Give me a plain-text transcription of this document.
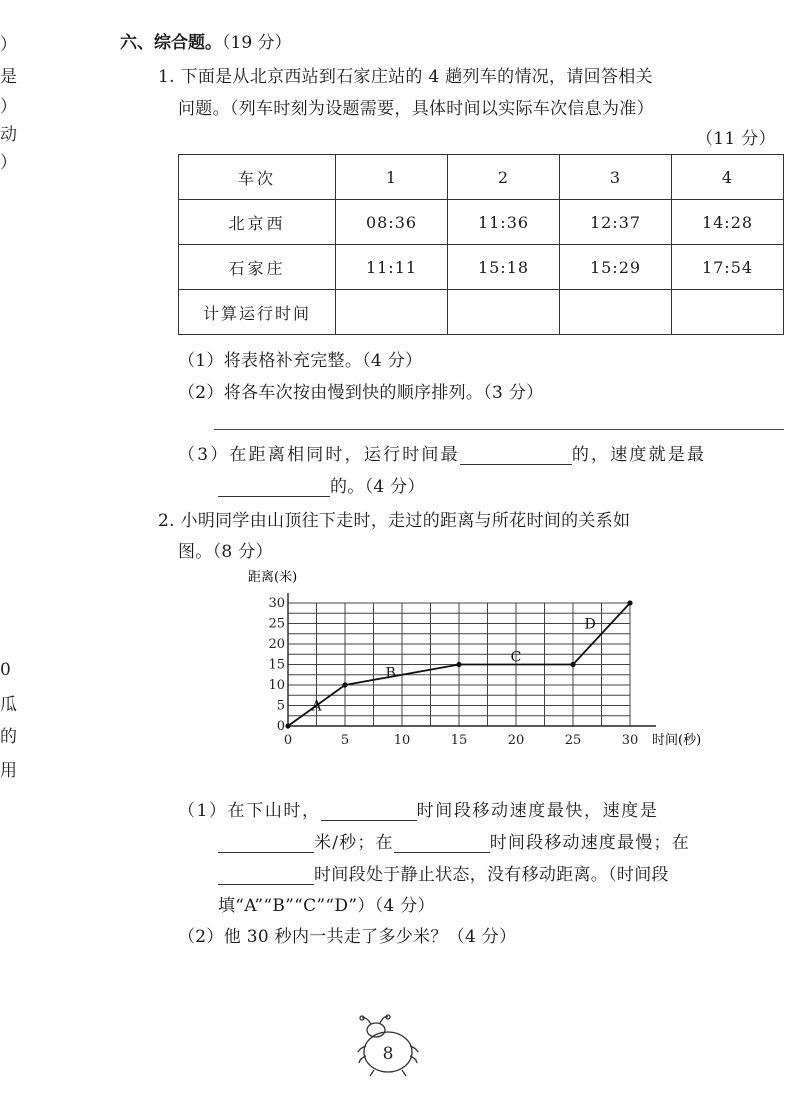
）
是
）
动
）
0
瓜
的
用
六、综合题。（19 分）
1. 下面是从北京西站到石家庄站的 4 趟列车的情况，请回答相关
问题。（列车时刻为设题需要，具体时间以实际车次信息为准）
（11 分）
车次	1	2	3	4
北京西	08:36	11:36	12:37	14:28
石家庄	11:11	15:18	15:29	17:54
计算运行时间				
（1）将表格补充完整。（4 分）
（2）将各车次按由慢到快的顺序排列。（3 分）
（3）在距离相同时，运行时间最	的，速度就是最
的。（4 分）
2. 小明同学由山顶往下走时，走过的距离与所花时间的关系如
图。（8 分）
0	5	10	15	20	25	30
0
5
10
15
20
25
30
A
B
C
D
距离(米)
时间(秒)
（1）在下山时，	时间段移动速度最快，速度是
米/秒；在	时间段移动速度最慢；在
时间段处于静止状态，没有移动距离。（时间段
填“A”“B”“C”“D”）（4 分）
（2）他 30 秒内一共走了多少米？（4 分）
8
